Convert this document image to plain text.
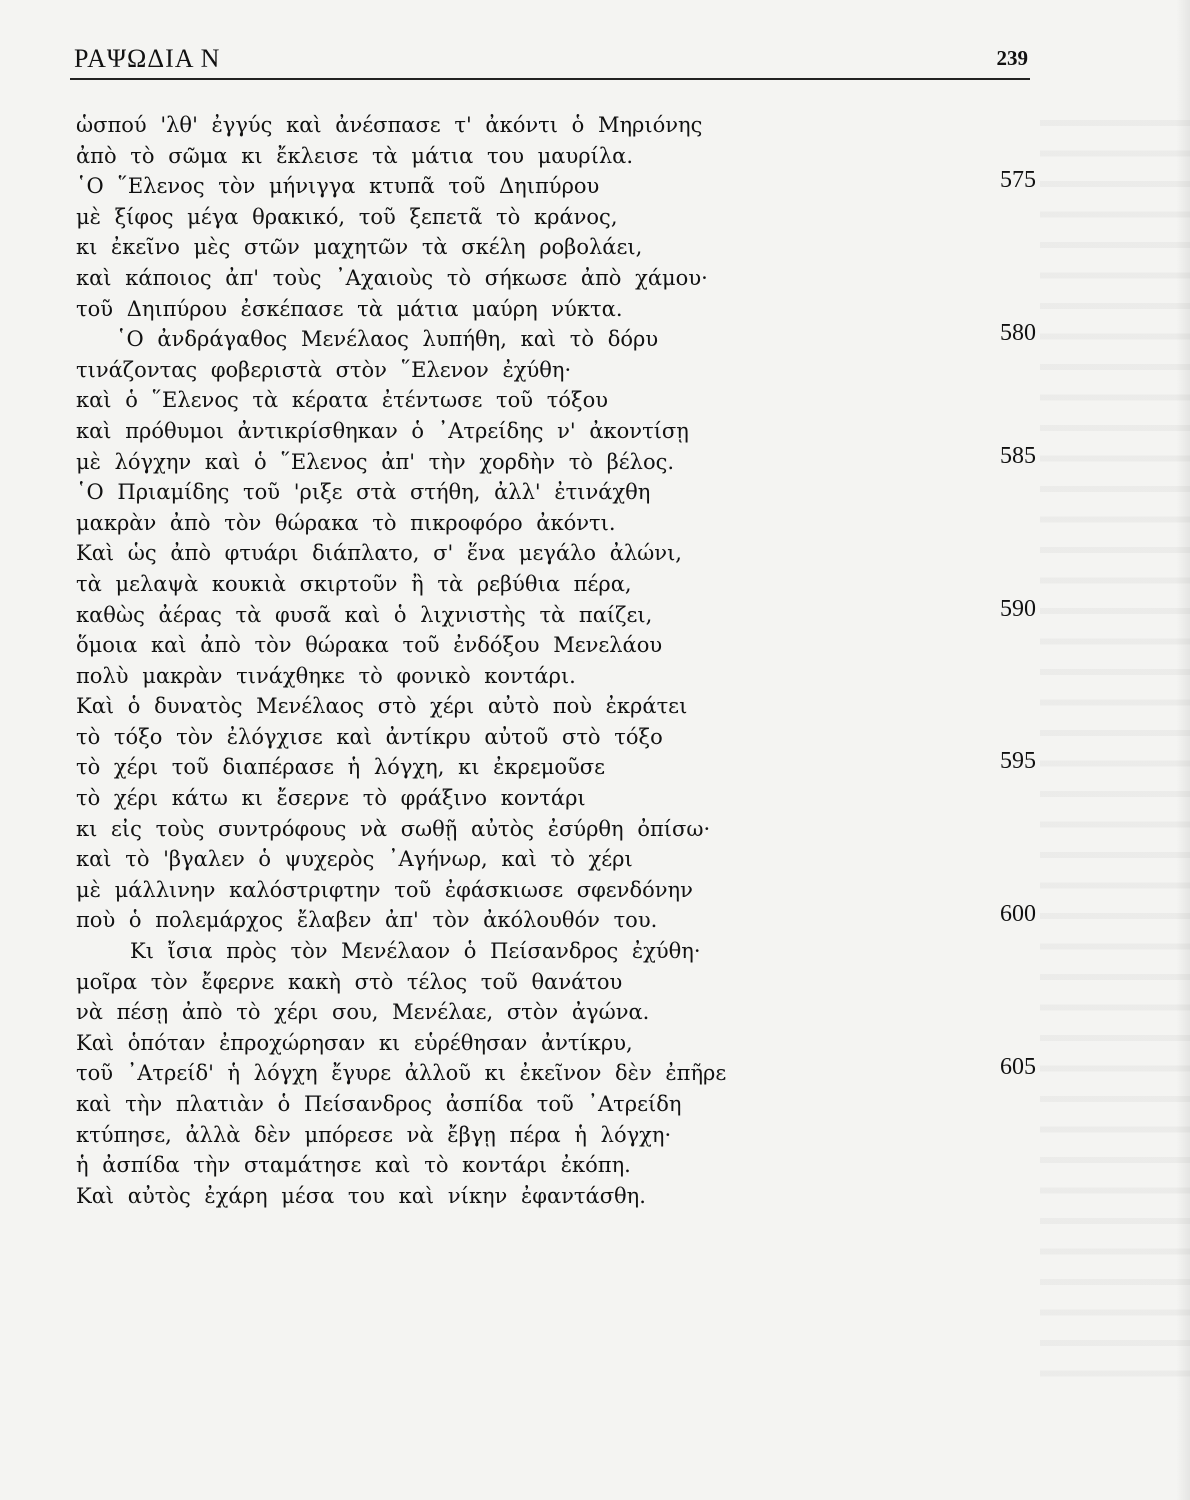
ΡΑΨΩΔΙΑ Ν	239
ὡσπού 'λθ' ἐγγύς καὶ ἀνέσπασε τ' ἀκόντι ὁ Μηριόνης
ἀπὸ τὸ σῶμα κι ἔκλεισε τὰ μάτια του μαυρίλα.
῾Ο ῞Ελενος τὸν μήνιγγα κτυπᾶ τοῦ Δηιπύρου	575
μὲ ξίφος μέγα θρακικό, τοῦ ξεπετᾶ τὸ κράνος,
κι ἐκεῖνο μὲς στῶν μαχητῶν τὰ σκέλη ροβολάει,
καὶ κάποιος ἀπ' τοὺς ᾽Αχαιοὺς τὸ σήκωσε ἀπὸ χάμου·
τοῦ Δηιπύρου ἐσκέπασε τὰ μάτια μαύρη νύκτα.
῾Ο ἀνδράγαθος Μενέλαος λυπήθη, καὶ τὸ δόρυ	580
τινάζοντας φοβεριστὰ στὸν ῞Ελενον ἐχύθη·
καὶ ὁ ῞Ελενος τὰ κέρατα ἐτέντωσε τοῦ τόξου
καὶ πρόθυμοι ἀντικρίσθηκαν ὁ ᾽Ατρείδης ν' ἀκοντίσῃ
μὲ λόγχην καὶ ὁ ῞Ελενος ἀπ' τὴν χορδὴν τὸ βέλος.	585
῾Ο Πριαμίδης τοῦ 'ριξε στὰ στήθη, ἀλλ' ἐτινάχθη
μακρὰν ἀπὸ τὸν θώρακα τὸ πικροφόρο ἀκόντι.
Καὶ ὡς ἀπὸ φτυάρι διάπλατο, σ' ἕνα μεγάλο ἀλώνι,
τὰ μελαψὰ κουκιὰ σκιρτοῦν ἢ τὰ ρεβύθια πέρα,
καθὼς ἀέρας τὰ φυσᾶ καὶ ὁ λιχνιστὴς τὰ παίζει,	590
ὅμοια καὶ ἀπὸ τὸν θώρακα τοῦ ἐνδόξου Μενελάου
πολὺ μακρὰν τινάχθηκε τὸ φονικὸ κοντάρι.
Καὶ ὁ δυνατὸς Μενέλαος στὸ χέρι αὐτὸ ποὺ ἐκράτει
τὸ τόξο τὸν ἐλόγχισε καὶ ἀντίκρυ αὐτοῦ στὸ τόξο
τὸ χέρι τοῦ διαπέρασε ἡ λόγχη, κι ἐκρεμοῦσε	595
τὸ χέρι κάτω κι ἔσερνε τὸ φράξινο κοντάρι
κι εἰς τοὺς συντρόφους νὰ σωθῇ αὐτὸς ἐσύρθη ὀπίσω·
καὶ τὸ 'βγαλεν ὁ ψυχερὸς ᾽Αγήνωρ, καὶ τὸ χέρι
μὲ μάλλινην καλόστριφτην τοῦ ἐφάσκιωσε σφενδόνην
ποὺ ὁ πολεμάρχος ἔλαβεν ἀπ' τὸν ἀκόλουθόν του.	600
Κι ἴσια πρὸς τὸν Μενέλαον ὁ Πείσανδρος ἐχύθη·
μοῖρα τὸν ἔφερνε κακὴ στὸ τέλος τοῦ θανάτου
νὰ πέσῃ ἀπὸ τὸ χέρι σου, Μενέλαε, στὸν ἀγώνα.
Καὶ ὁπόταν ἐπροχώρησαν κι εὑρέθησαν ἀντίκρυ,
τοῦ ᾽Ατρείδ' ἡ λόγχη ἔγυρε ἀλλοῦ κι ἐκεῖνον δὲν ἐπῆρε	605
καὶ τὴν πλατιὰν ὁ Πείσανδρος ἀσπίδα τοῦ ᾽Ατρείδη
κτύπησε, ἀλλὰ δὲν μπόρεσε νὰ ἔβγῃ πέρα ἡ λόγχη·
ἡ ἀσπίδα τὴν σταμάτησε καὶ τὸ κοντάρι ἐκόπη.
Καὶ αὐτὸς ἐχάρη μέσα του καὶ νίκην ἐφαντάσθη.
